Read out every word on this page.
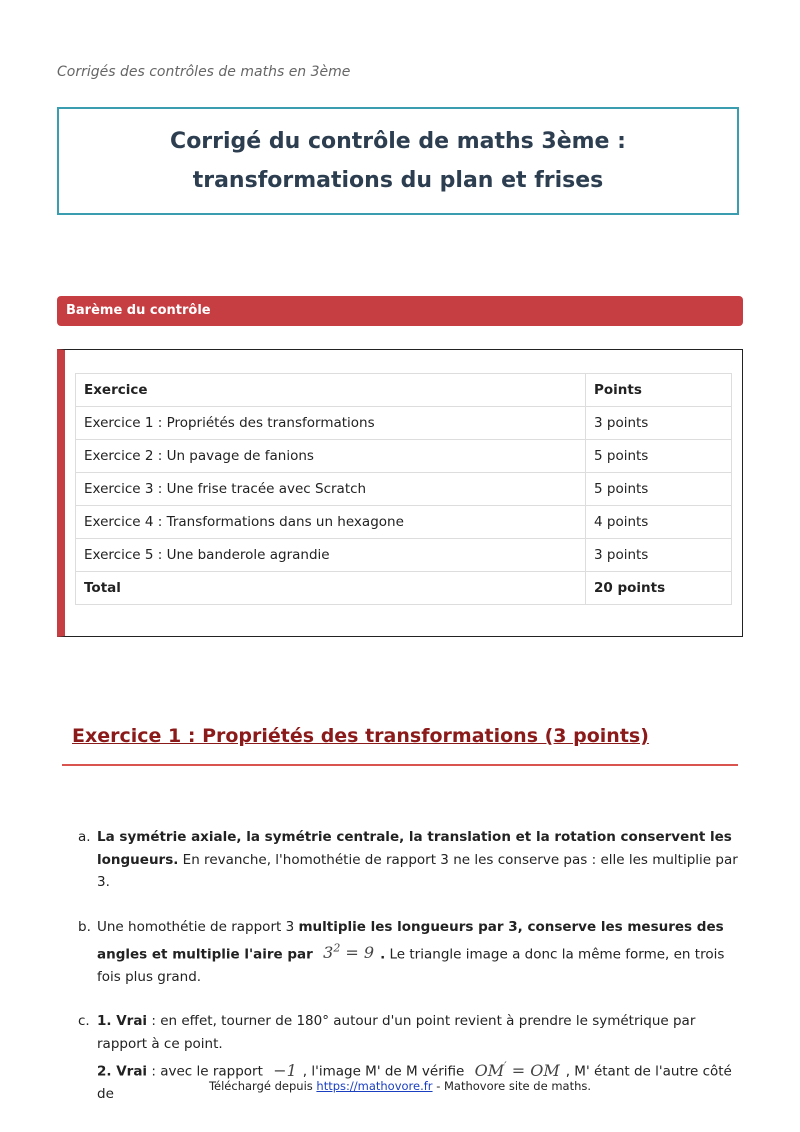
Corrigés des contrôles de maths en 3ème
Corrigé du contrôle de maths 3ème :
transformations du plan et frises
Barème du contrôle
Exercice	Points
Exercice 1 : Propriétés des transformations	3 points
Exercice 2 : Un pavage de fanions	5 points
Exercice 3 : Une frise tracée avec Scratch	5 points
Exercice 4 : Transformations dans un hexagone	4 points
Exercice 5 : Une banderole agrandie	3 points
Total	20 points
Exercice 1 : Propriétés des transformations (3 points)
a. La symétrie axiale, la symétrie centrale, la translation et la rotation conservent les longueurs. En revanche, l'homothétie de rapport 3 ne les conserve pas : elle les multiplie par 3.
b. Une homothétie de rapport 3 multiplie les longueurs par 3, conserve les mesures des angles et multiplie l'aire par $3^2 = 9$ . Le triangle image a donc la même forme, en trois fois plus grand.
c. 1. Vrai : en effet, tourner de 180° autour d'un point revient à prendre le symétrique par rapport à ce point.
2. Vrai : avec le rapport −1 , l'image M' de M vérifie OM′ = OM , M' étant de l'autre côté de
Téléchargé depuis https://mathovore.fr - Mathovore site de maths.
